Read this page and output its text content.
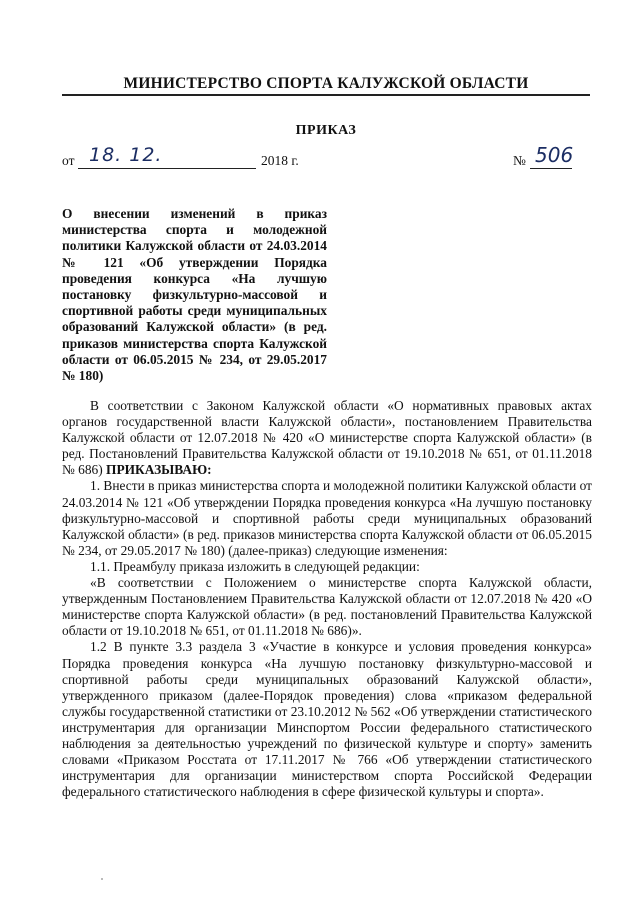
МИНИСТЕРСТВО СПОРТА КАЛУЖСКОЙ ОБЛАСТИ
ПРИКАЗ
от 18. 12.	2018 г.	№ 506
О внесении изменений в приказ министерства спорта и молодежной политики Калужской области от 24.03.2014 № 121 «Об утверждении Порядка проведения конкурса «На лучшую постановку физкультурно-массовой и спортивной работы среди муниципальных образований Калужской области» (в ред. приказов министерства спорта Калужской области от 06.05.2015 № 234, от 29.05.2017 № 180)

В соответствии с Законом Калужской области «О нормативных правовых актах органов государственной власти Калужской области», постановлением Правительства Калужской области от 12.07.2018 № 420 «О министерстве спорта Калужской области» (в ред. Постановлений Правительства Калужской области от 19.10.2018 № 651, от 01.11.2018 № 686) ПРИКАЗЫВАЮ:

1. Внести в приказ министерства спорта и молодежной политики Калужской области от 24.03.2014 № 121 «Об утверждении Порядка проведения конкурса «На лучшую постановку физкультурно-массовой и спортивной работы среди муниципальных образований Калужской области» (в ред. приказов министерства спорта Калужской области от 06.05.2015 № 234, от 29.05.2017 № 180) (далее-приказ) следующие изменения:

1.1. Преамбулу приказа изложить в следующей редакции:

«В соответствии с Положением о министерстве спорта Калужской области, утвержденным Постановлением Правительства Калужской области от 12.07.2018 № 420 «О министерстве спорта Калужской области» (в ред. постановлений Правительства Калужской области от 19.10.2018 № 651, от 01.11.2018 № 686)».

1.2 В пункте 3.3 раздела 3 «Участие в конкурсе и условия проведения конкурса» Порядка проведения конкурса «На лучшую постановку физкультурно-массовой и спортивной работы среди муниципальных образований Калужской области», утвержденного приказом (далее-Порядок проведения) слова «приказом федеральной службы государственной статистики от 23.10.2012 № 562 «Об утверждении статистического инструментария для организации Минспортом России федерального статистического наблюдения за деятельностью учреждений по физической культуре и спорту» заменить словами «Приказом Росстата от 17.11.2017 № 766 «Об утверждении статистического инструментария для организации министерством спорта Российской Федерации федерального статистического наблюдения в сфере физической культуры и спорта».
